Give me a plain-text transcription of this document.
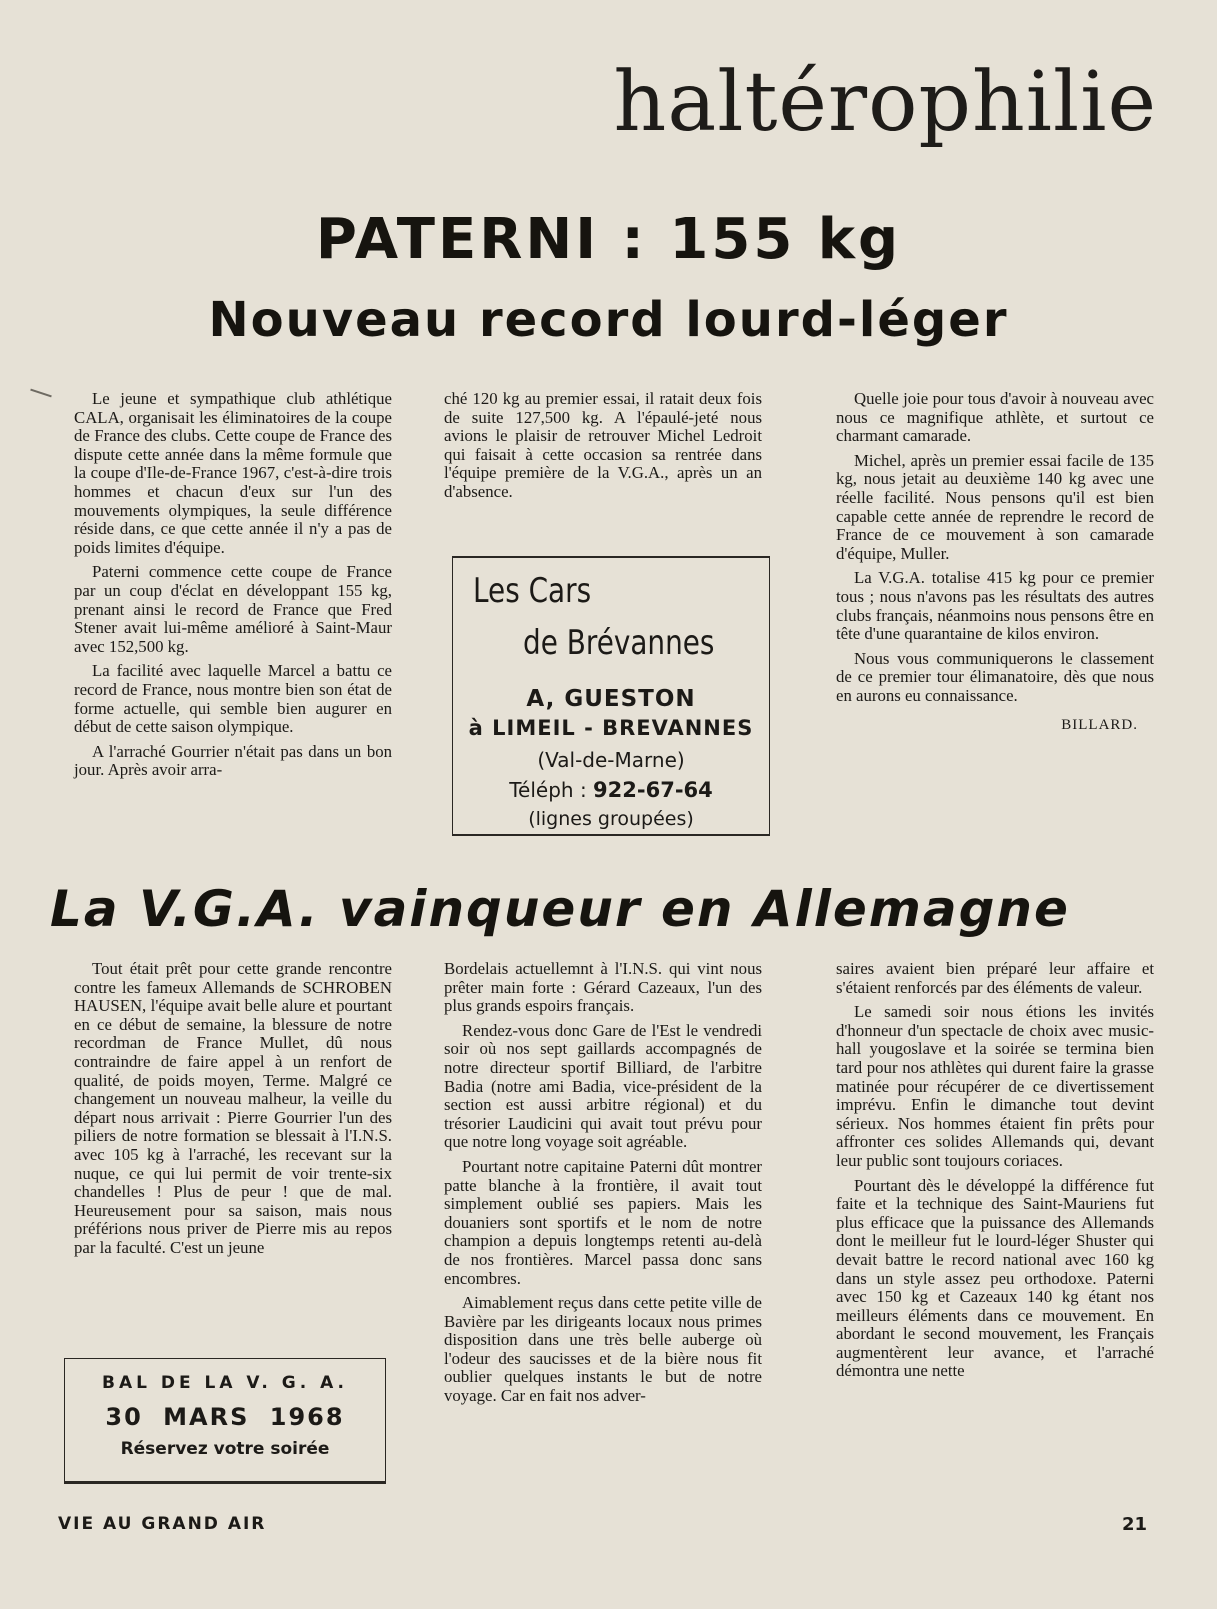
haltérophilie
PATERNI : 155 kg
Nouveau record lourd-léger

Le jeune et sympathique club athlétique CALA, organisait les éliminatoires de la coupe de France des clubs. Cette coupe de France des dispute cette année dans la même formule que la coupe d'Ile-de-France 1967, c'est-à-dire trois hommes et chacun d'eux sur l'un des mouvements olympiques, la seule différence réside dans, ce que cette année il n'y a pas de poids limites d'équipe.

Paterni commence cette coupe de France par un coup d'éclat en développant 155 kg, prenant ainsi le record de France que Fred Stener avait lui-même amélioré à Saint-Maur avec 152,500 kg.

La facilité avec laquelle Marcel a battu ce record de France, nous montre bien son état de forme actuelle, qui semble bien augurer en début de cette saison olympique.

A l'arraché Gourrier n'était pas dans un bon jour. Après avoir arra-

ché 120 kg au premier essai, il ratait deux fois de suite 127,500 kg. A l'épaulé-jeté nous avions le plaisir de retrouver Michel Ledroit qui faisait à cette occasion sa rentrée dans l'équipe première de la V.G.A., après un an d'absence.

Quelle joie pour tous d'avoir à nouveau avec nous ce magnifique athlète, et surtout ce charmant camarade.

Michel, après un premier essai facile de 135 kg, nous jetait au deuxième 140 kg avec une réelle facilité. Nous pensons qu'il est bien capable cette année de reprendre le record de France de ce mouvement à son camarade d'équipe, Muller.

La V.G.A. totalise 415 kg pour ce premier tous ; nous n'avons pas les résultats des autres clubs français, néanmoins nous pensons être en tête d'une quarantaine de kilos environ.

Nous vous communiquerons le classement de ce premier tour élimanatoire, dès que nous en aurons eu connaissance.

BILLARD.
Les Cars
de Brévannes
A, GUESTON
à LIMEIL - BREVANNES
(Val-de-Marne)
Téléph : 922-67-64
(lignes groupées)
La V.G.A. vainqueur en Allemagne

Tout était prêt pour cette grande rencontre contre les fameux Allemands de SCHROBEN HAUSEN, l'équipe avait belle alure et pourtant en ce début de semaine, la blessure de notre recordman de France Mullet, dû nous contraindre de faire appel à un renfort de qualité, de poids moyen, Terme. Malgré ce changement un nouveau malheur, la veille du départ nous arrivait : Pierre Gourrier l'un des piliers de notre formation se blessait à l'I.N.S. avec 105 kg à l'arraché, les recevant sur la nuque, ce qui lui permit de voir trente-six chandelles ! Plus de peur ! que de mal. Heureusement pour sa saison, mais nous préférions nous priver de Pierre mis au repos par la faculté. C'est un jeune

Bordelais actuellemnt à l'I.N.S. qui vint nous prêter main forte : Gérard Cazeaux, l'un des plus grands espoirs français.

Rendez-vous donc Gare de l'Est le vendredi soir où nos sept gaillards accompagnés de notre directeur sportif Billiard, de l'arbitre Badia (notre ami Badia, vice-président de la section est aussi arbitre régional) et du trésorier Laudicini qui avait tout prévu pour que notre long voyage soit agréable.

Pourtant notre capitaine Paterni dût montrer patte blanche à la frontière, il avait tout simplement oublié ses papiers. Mais les douaniers sont sportifs et le nom de notre champion a depuis longtemps retenti au-delà de nos frontières. Marcel passa donc sans encombres.

Aimablement reçus dans cette petite ville de Bavière par les dirigeants locaux nous primes disposition dans une très belle auberge où l'odeur des saucisses et de la bière nous fit oublier quelques instants le but de notre voyage. Car en fait nos adver-

saires avaient bien préparé leur affaire et s'étaient renforcés par des éléments de valeur.

Le samedi soir nous étions les invités d'honneur d'un spectacle de choix avec music-hall yougoslave et la soirée se termina bien tard pour nos athlètes qui durent faire la grasse matinée pour récupérer de ce divertissement imprévu. Enfin le dimanche tout devint sérieux. Nos hommes étaient fin prêts pour affronter ces solides Allemands qui, devant leur public sont toujours coriaces.

Pourtant dès le développé la différence fut faite et la technique des Saint-Mauriens fut plus efficace que la puissance des Allemands dont le meilleur fut le lourd-léger Shuster qui devait battre le record national avec 160 kg dans un style assez peu orthodoxe. Paterni avec 150 kg et Cazeaux 140 kg étant nos meilleurs éléments dans ce mouvement. En abordant le second mouvement, les Français augmentèrent leur avance, et l'arraché démontra une nette

BAL DE LA V. G. A.
30 MARS 1968
Réservez votre soirée
VIE AU GRAND AIR	21
